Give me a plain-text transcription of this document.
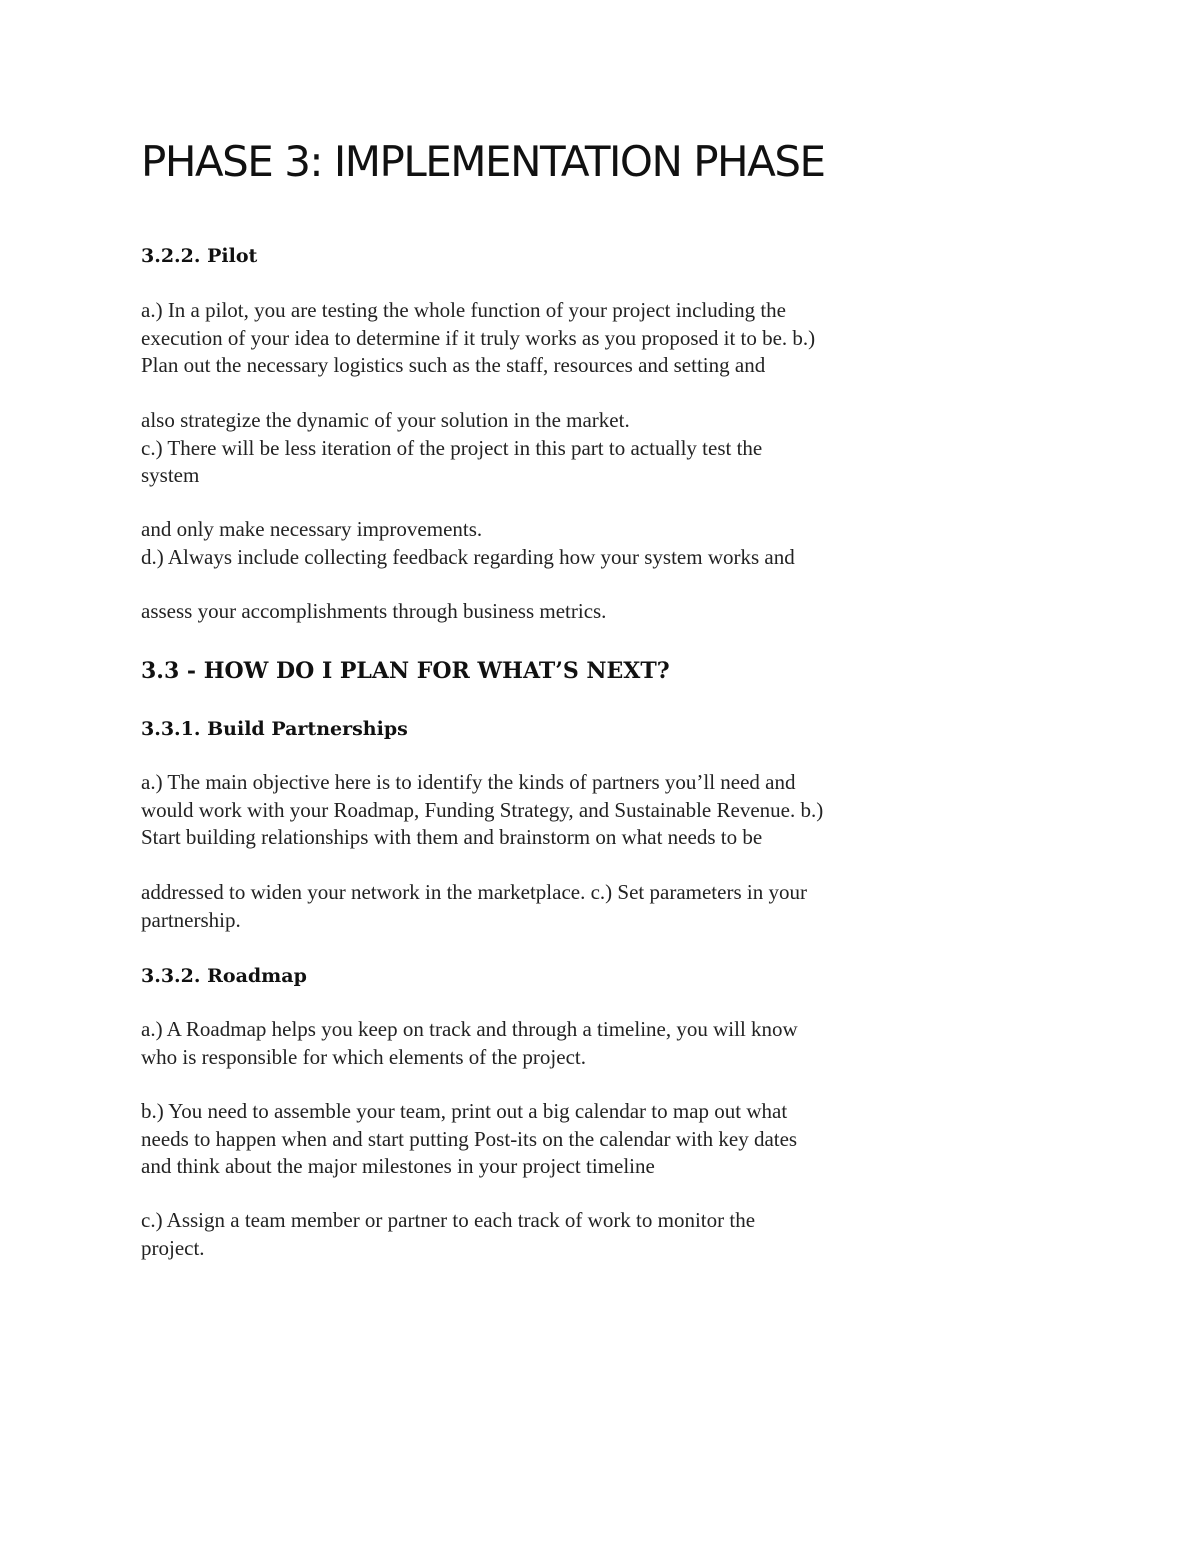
PHASE 3: IMPLEMENTATION PHASE
3.2.2. Pilot

a.) In a pilot, you are testing the whole function of your project including the
execution of your idea to determine if it truly works as you proposed it to be. b.)
Plan out the necessary logistics such as the staff, resources and setting and

also strategize the dynamic of your solution in the market.
c.) There will be less iteration of the project in this part to actually test the
system

and only make necessary improvements.
d.) Always include collecting feedback regarding how your system works and

assess your accomplishments through business metrics.

3.3 - HOW DO I PLAN FOR WHAT’S NEXT?
3.3.1. Build Partnerships

a.) The main objective here is to identify the kinds of partners you’ll need and
would work with your Roadmap, Funding Strategy, and Sustainable Revenue. b.)
Start building relationships with them and brainstorm on what needs to be

addressed to widen your network in the marketplace. c.) Set parameters in your
partnership.

3.3.2. Roadmap

a.) A Roadmap helps you keep on track and through a timeline, you will know
who is responsible for which elements of the project.

b.) You need to assemble your team, print out a big calendar to map out what
needs to happen when and start putting Post-its on the calendar with key dates
and think about the major milestones in your project timeline

c.) Assign a team member or partner to each track of work to monitor the
project.
